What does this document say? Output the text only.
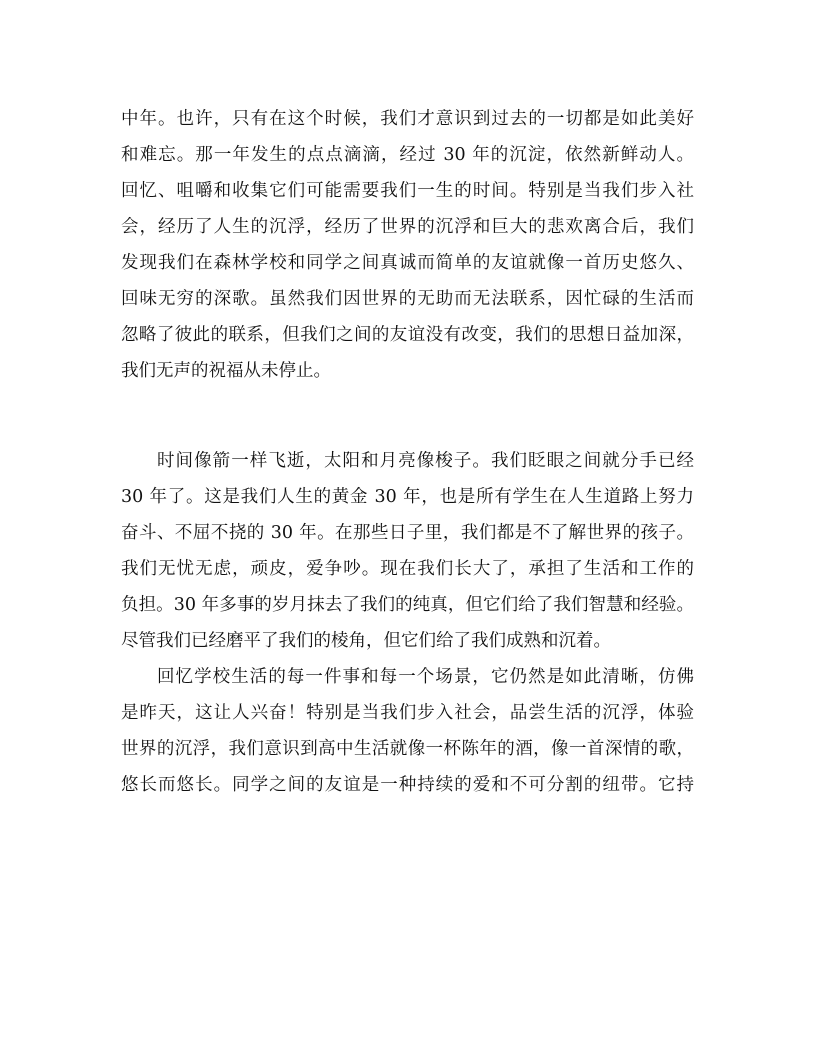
中年。也许，只有在这个时候，我们才意识到过去的一切都是如此美好
和难忘。那一年发生的点点滴滴，经过 30 年的沉淀，依然新鲜动人。
回忆、咀嚼和收集它们可能需要我们一生的时间。特别是当我们步入社
会，经历了人生的沉浮，经历了世界的沉浮和巨大的悲欢离合后，我们
发现我们在森林学校和同学之间真诚而简单的友谊就像一首历史悠久、
回味无穷的深歌。虽然我们因世界的无助而无法联系，因忙碌的生活而
忽略了彼此的联系，但我们之间的友谊没有改变，我们的思想日益加深，
我们无声的祝福从未停止。
时间像箭一样飞逝，太阳和月亮像梭子。我们眨眼之间就分手已经
30 年了。这是我们人生的黄金 30 年，也是所有学生在人生道路上努力
奋斗、不屈不挠的 30 年。在那些日子里，我们都是不了解世界的孩子。
我们无忧无虑，顽皮，爱争吵。现在我们长大了，承担了生活和工作的
负担。30 年多事的岁月抹去了我们的纯真，但它们给了我们智慧和经验。
尽管我们已经磨平了我们的棱角，但它们给了我们成熟和沉着。
回忆学校生活的每一件事和每一个场景，它仍然是如此清晰，仿佛
是昨天，这让人兴奋！特别是当我们步入社会，品尝生活的沉浮，体验
世界的沉浮，我们意识到高中生活就像一杯陈年的酒，像一首深情的歌，
悠长而悠长。同学之间的友谊是一种持续的爱和不可分割的纽带。它持
